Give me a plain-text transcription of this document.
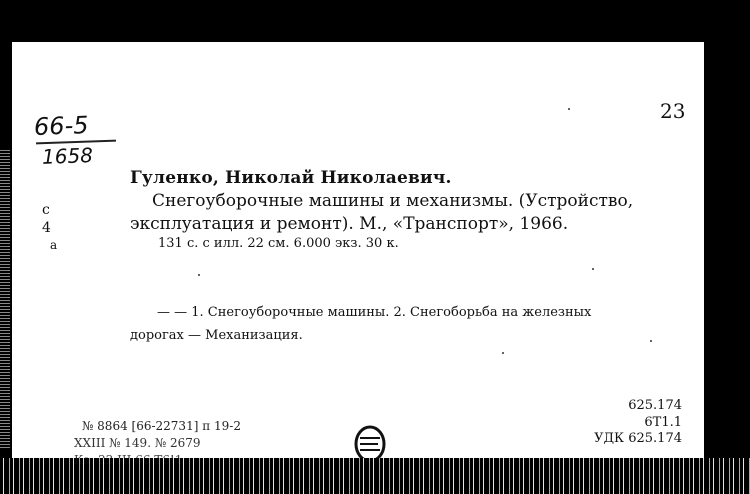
23
66-5
1658
c
4
a
Гуленко, Николай Николаевич.
Снегоуборочные машины и механизмы. (Устройство,
эксплуатация и ремонт). М., «Транспорт», 1966.
131 с. с илл. 22 см. 6.000 экз. 30 к.
— — 1. Снегоуборочные машины. 2. Снегоборьба на железных
дорогах — Механизация.
625.174
6Т1.1
УДК 625.174
№ 8864 [66-22731] п 19-2
XXIII № 149. № 2679
